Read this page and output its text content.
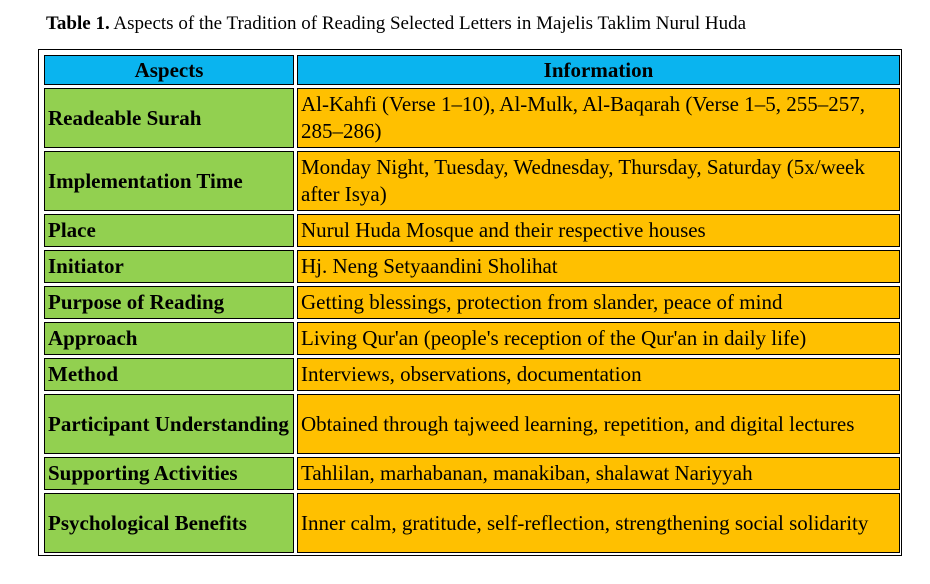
Table 1. Aspects of the Tradition of Reading Selected Letters in Majelis Taklim Nurul Huda
Aspects	Information
Readeable Surah	Al-Kahfi (Verse 1–10), Al-Mulk, Al-Baqarah (Verse 1–5, 255–257, 285–286)
Implementation Time	Monday Night, Tuesday, Wednesday, Thursday, Saturday (5x/week after Isya)
Place	Nurul Huda Mosque and their respective houses
Initiator	Hj. Neng Setyaandini Sholihat
Purpose of Reading	Getting blessings, protection from slander, peace of mind
Approach	Living Qur'an (people's reception of the Qur'an in daily life)
Method	Interviews, observations, documentation
Participant Understanding	Obtained through tajweed learning, repetition, and digital lectures
Supporting Activities	Tahlilan, marhabanan, manakiban, shalawat Nariyyah
Psychological Benefits	Inner calm, gratitude, self-reflection, strengthening social solidarity
